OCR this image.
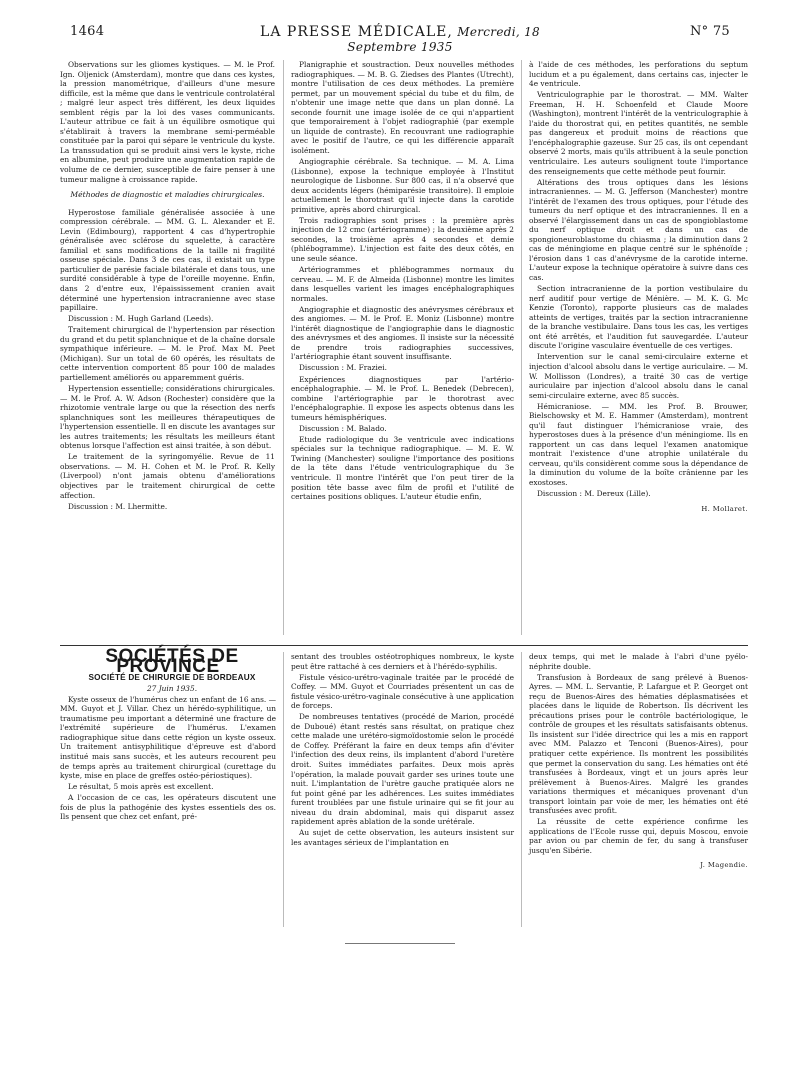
1464	LA PRESSE MÉDICALE, Mercredi, 18 Septembre 1935
N° 75

Observations sur les gliomes kystiques. — M. le Prof. Ign. Oljenick (Amsterdam), montre que dans ces kystes, la pression manométrique, d'ailleurs d'une mesure difficile, est la même que dans le ventricule controlatéral ; malgré leur aspect très différent, les deux liquides semblent régis par la loi des vases communicants. L'auteur attribue ce fait à un équilibre osmotique qui s'établirait à travers la membrane semi-perméable constituée par la paroi qui sépare le ventricule du kyste. La transsudation qui se produit ainsi vers le kyste, riche en albumine, peut produire une augmentation rapide de volume de ce dernier, susceptible de faire penser à une tumeur maligne à croissance rapide.

Méthodes de diagnostic et maladies chirurgicales.

Hyperostose familiale généralisée associée à une compression cérébrale. — MM. G. L. Alexander et E. Levin (Edimbourg), rapportent 4 cas d'hypertrophie généralisée avec sclérose du squelette, à caractère familial et sans modifications de la taille ni fragilité osseuse spéciale. Dans 3 de ces cas, il existait un type particulier de parésie faciale bilatérale et dans tous, une surdité considérable à type de l'oreille moyenne. Enfin, dans 2 d'entre eux, l'épaississement cranien avait déterminé une hypertension intracranienne avec stase papillaire.

Discussion : M. Hugh Garland (Leeds).

Traitement chirurgical de l'hypertension par résection du grand et du petit splanchnique et de la chaîne dorsale sympathique inférieure. — M. le Prof. Max M. Peet (Michigan). Sur un total de 60 opérés, les résultats de cette intervention comportent 85 pour 100 de malades partiellement améliorés ou apparemment guéris.

Hypertension essentielle; considérations chirurgicales. — M. le Prof. A. W. Adson (Rochester) considère que la rhizotomie ventrale large ou que la résection des nerfs splanchniques sont les meilleures thérapeutiques de l'hypertension essentielle. Il en discute les avantages sur les autres traitements; les résultats les meilleurs étant obtenus lorsque l'affection est ainsi traitée, à son début.

Le traitement de la syringomyélie. Revue de 11 observations. — M. H. Cohen et M. le Prof. R. Kelly (Liverpool) n'ont jamais obtenu d'améliorations objectives par le traitement chirurgical de cette affection.

Discussion : M. Lhermitte.

Planigraphie et soustraction. Deux nouvelles méthodes radiographiques. — M. B. G. Ziedses des Plantes (Utrecht), montre l'utilisation de ces deux méthodes. La première permet, par un mouvement spécial du tube et du film, de n'obtenir une image nette que dans un plan donné. La seconde fournit une image isolée de ce qui n'appartient que temporairement à l'objet radiographié (par exemple un liquide de contraste). En recouvrant une radiographie avec le positif de l'autre, ce qui les différencie apparaît isolément.

Angiographie cérébrale. Sa technique. — M. A. Lima (Lisbonne), expose la technique employée à l'Institut neurologique de Lisbonne. Sur 800 cas, il n'a observé que deux accidents légers (hémiparésie transitoire). Il emploie actuellement le thorotrast qu'il injecte dans la carotide primitive, après abord chirurgical.

Trois radiographies sont prises : la première après injection de 12 cmc (artériogramme) ; la deuxième après 2 secondes, la troisième après 4 secondes et demie (phlébogramme). L'injection est faite des deux côtés, en une seule séance.

Artériogrammes et phlébogrammes normaux du cerveau. — M. F. de Almeida (Lisbonne) montre les limites dans lesquelles varient les images encéphalographiques normales.

Angiographie et diagnostic des anévrysmes cérébraux et des angiomes. — M. le Prof. E. Moniz (Lisbonne) montre l'intérêt diagnostique de l'angiographie dans le diagnostic des anévrysmes et des angiomes. Il insiste sur la nécessité de prendre trois radiographies successives, l'artériographie étant souvent insuffisante.

Discussion : M. Fraziei.

Expériences diagnostiques par l'artério-encéphalographie. — M. le Prof. L. Benedek (Debrecen), combine l'artériographie par le thorotrast avec l'encéphalographie. Il expose les aspects obtenus dans les tumeurs hémisphériques.

Discussion : M. Balado.

Etude radiologique du 3e ventricule avec indications spéciales sur la technique radiographique. — M. E. W. Twining (Manchester) souligne l'importance des positions de la tête dans l'étude ventriculographique du 3e ventricule. Il montre l'intérêt que l'on peut tirer de la position tête basse avec film de profil et l'utilité de certaines positions obliques. L'auteur étudie enfin,

à l'aide de ces méthodes, les perforations du septum lucidum et a pu également, dans certains cas, injecter le 4e ventricule.

Ventriculographie par le thorostrat. — MM. Walter Freeman, H. H. Schoenfeld et Claude Moore (Washington), montrent l'intérêt de la ventriculographie à l'aide du thorostrat qui, en petites quantités, ne semble pas dangereux et produit moins de réactions que l'encéphalographie gazeuse. Sur 25 cas, ils ont cependant observé 2 morts, mais qu'ils attribuent à la seule ponction ventriculaire. Les auteurs soulignent toute l'importance des renseignements que cette méthode peut fournir.

Altérations des trous optiques dans les lésions intracraniennes. — M. G. Jefferson (Manchester) montre l'intérêt de l'examen des trous optiques, pour l'étude des tumeurs du nerf optique et des intracraniennes. Il en a observé l'élargissement dans un cas de spongioblastome du nerf optique droit et dans un cas de spongioneuroblastome du chiasma ; la diminution dans 2 cas de méningiome en plaque centré sur le sphénoïde ; l'érosion dans 1 cas d'anévrysme de la carotide interne. L'auteur expose la technique opératoire à suivre dans ces cas.

Section intracranienne de la portion vestibulaire du nerf auditif pour vertige de Ménière. — M. K. G. Mc Kenzie (Toronto), rapporte plusieurs cas de malades atteints de vertiges, traités par la section intracranienne de la branche vestibulaire. Dans tous les cas, les vertiges ont été arrêtés, et l'audition fut sauvegardée. L'auteur discute l'origine vasculaire éventuelle de ces vertiges.

Intervention sur le canal semi-circulaire externe et injection d'alcool absolu dans le vertige auriculaire. — M. W. Mollisson (Londres), a traité 30 cas de vertige auriculaire par injection d'alcool absolu dans le canal semi-circulaire externe, avec 85 succès.

Hémicraniose. — MM. les Prof. B. Brouwer, Bielschowsky et M. E. Hammer (Amsterdam), montrent qu'il faut distinguer l'hémicraniose vraie, des hyperostoses dues à la présence d'un méningiome. Ils en rapportent un cas dans lequel l'examen anatomique montrait l'existence d'une atrophie unilatérale du cerveau, qu'ils considèrent comme sous la dépendance de la diminution du volume de la boîte crânienne par les exostoses.

Discussion : M. Dereux (Lille).

H. Mollaret.

SOCIÉTÉS DE PROVINCE

SOCIÉTÉ DE CHIRURGIE DE BORDEAUX

27 Juin 1935.

Kyste osseux de l'humérus chez un enfant de 16 ans. — MM. Guyot et J. Villar. Chez un hérédo-syphilitique, un traumatisme peu important a déterminé une fracture de l'extrémité supérieure de l'humérus. L'examen radiographique situe dans cette région un kyste osseux. Un traitement antisyphilitique d'épreuve est d'abord institué mais sans succès, et les auteurs recourent peu de temps après au traitement chirurgical (curettage du kyste, mise en place de greffes ostéo-périostiques).

Le résultat, 5 mois après est excellent.

A l'occasion de ce cas, les opérateurs discutent une fois de plus la pathogénie des kystes essentiels des os. Ils pensent que chez cet enfant, pré-

sentant des troubles ostéotrophiques nombreux, le kyste peut être rattaché à ces derniers et à l'hérédo-syphilis.

Fistule vésico-urétro-vaginale traitée par le procédé de Coffey. — MM. Guyot et Courriades présentent un cas de fistule vésico-urétro-vaginale consécutive à une application de forceps.

De nombreuses tentatives (procédé de Marion, procédé de Duboué) étant restés sans résultat, on pratique chez cette malade une urétéro-sigmoïdostomie selon le procédé de Coffey. Préférant la faire en deux temps afin d'éviter l'infection des deux reins, ils implantent d'abord l'uretère droit. Suites immédiates parfaites. Deux mois après l'opération, la malade pouvait garder ses urines toute une nuit. L'implantation de l'urètre gauche pratiquée alors ne fut point gêné par les adhérences. Les suites immédiates furent troublées par une fistule urinaire qui se fit jour au niveau du drain abdominal, mais qui disparut assez rapidement après ablation de la sonde urétérale.

Au sujet de cette observation, les auteurs insistent sur les avantages sérieux de l'implantation en

deux temps, qui met le malade à l'abri d'une pyélo-néphrite double.

Transfusion à Bordeaux de sang prélevé à Buenos-Ayres. — MM. L. Servantie, P. Lafargue et P. Georget ont reçu de Buenos-Aires des hématies déplasmatisées et placées dans le liquide de Robertson. Ils décrivent les précautions prises pour le contrôle bactériologique, le contrôle de groupes et les résultats satisfaisants obtenus. Ils insistent sur l'idée directrice qui les a mis en rapport avec MM. Palazzo et Tenconi (Buenos-Aires), pour pratiquer cette expérience. Ils montrent les possibilités que permet la conservation du sang. Les hématies ont été transfusées à Bordeaux, vingt et un jours après leur prélèvement à Buenos-Aires. Malgré les grandes variations thermiques et mécaniques provenant d'un transport lointain par voie de mer, les hématies ont été transfusées avec profit.

La réussite de cette expérience confirme les applications de l'Ecole russe qui, depuis Moscou, envoie par avion ou par chemin de fer, du sang à transfuser jusqu'en Sibérie.

J. Magendie.
